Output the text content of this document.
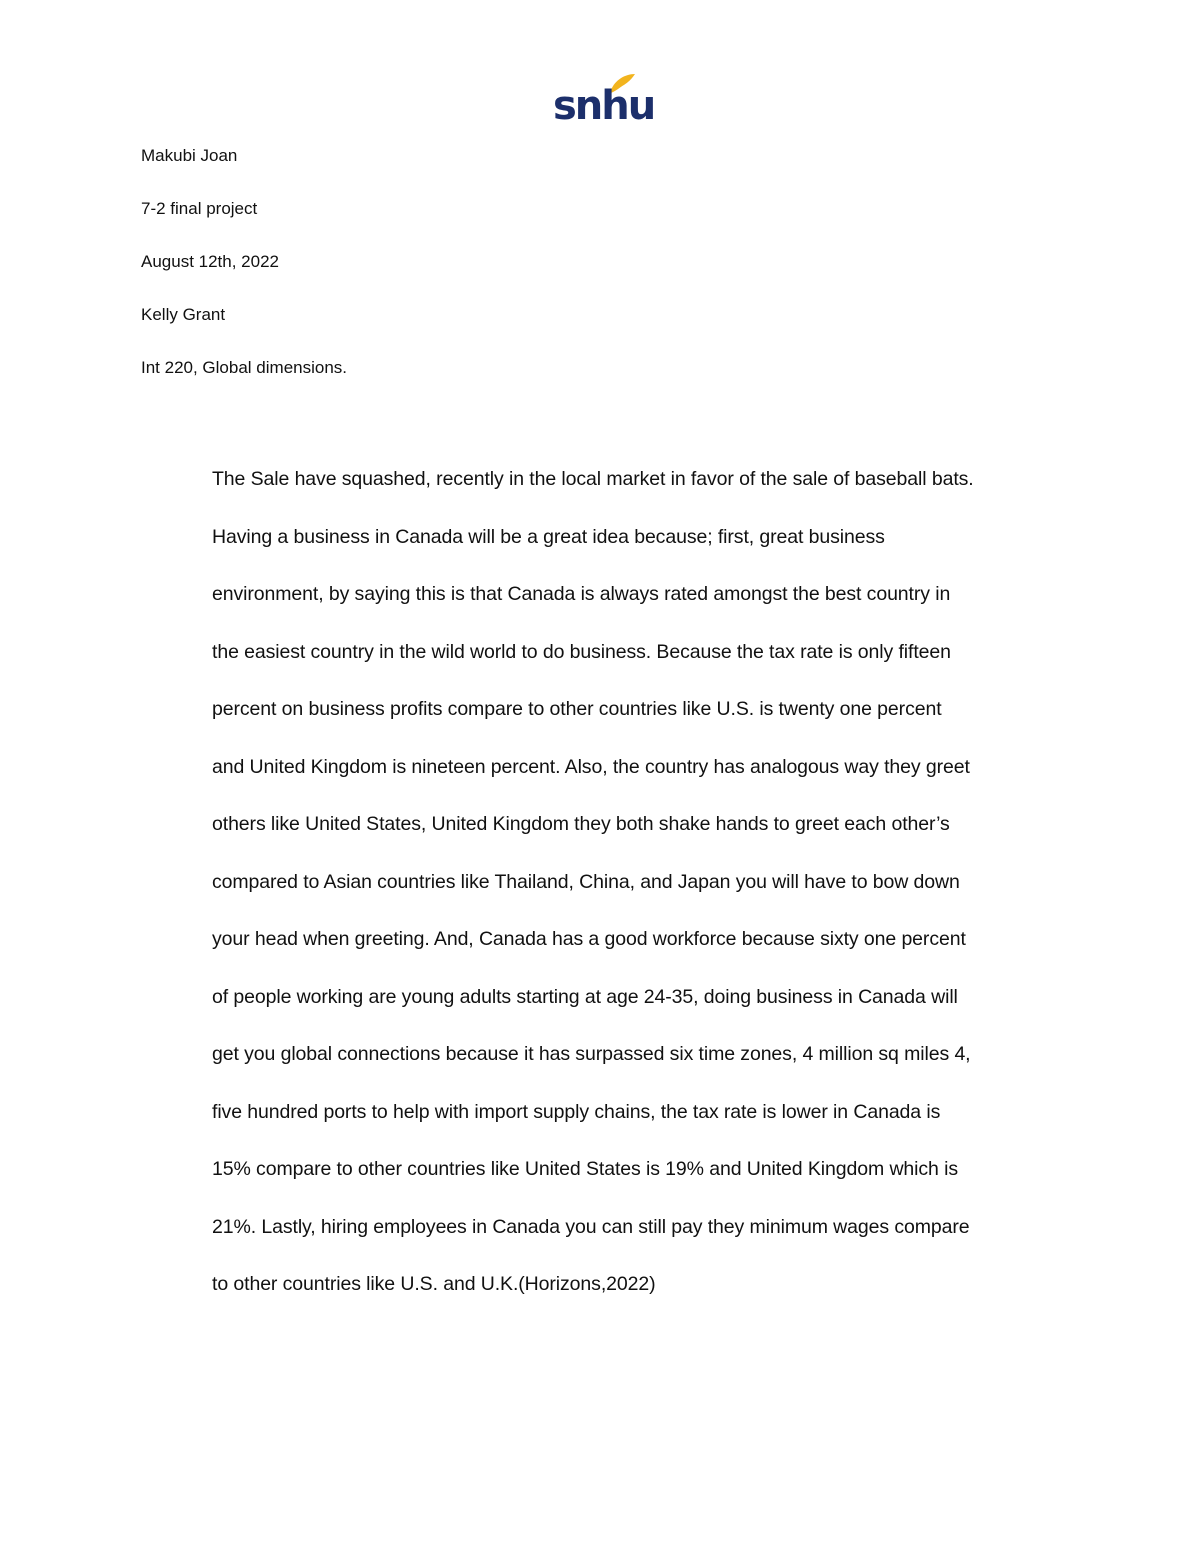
snhu
Makubi Joan
7-2 final project
August 12th, 2022
Kelly Grant
Int 220, Global dimensions.
The Sale have squashed, recently in the local market in favor of the sale of baseball bats.
Having a business in Canada will be a great idea because; first, great business
environment, by saying this is that Canada is always rated amongst the best country in
the easiest country in the wild world to do business. Because the tax rate is only fifteen
percent on business profits compare to other countries like U.S. is twenty one percent
and United Kingdom is nineteen percent. Also, the country has analogous way they greet
others like United States, United Kingdom they both shake hands to greet each other’s
compared to Asian countries like Thailand, China, and Japan you will have to bow down
your head when greeting. And, Canada has a good workforce because sixty one percent
of people working are young adults starting at age 24-35, doing business in Canada will
get you global connections because it has surpassed six time zones, 4 million sq miles 4,
five hundred ports to help with import supply chains, the tax rate is lower in Canada is
15% compare to other countries like United States is 19% and United Kingdom which is
21%. Lastly, hiring employees in Canada you can still pay they minimum wages compare
to other countries like U.S. and U.K.(Horizons,2022)
